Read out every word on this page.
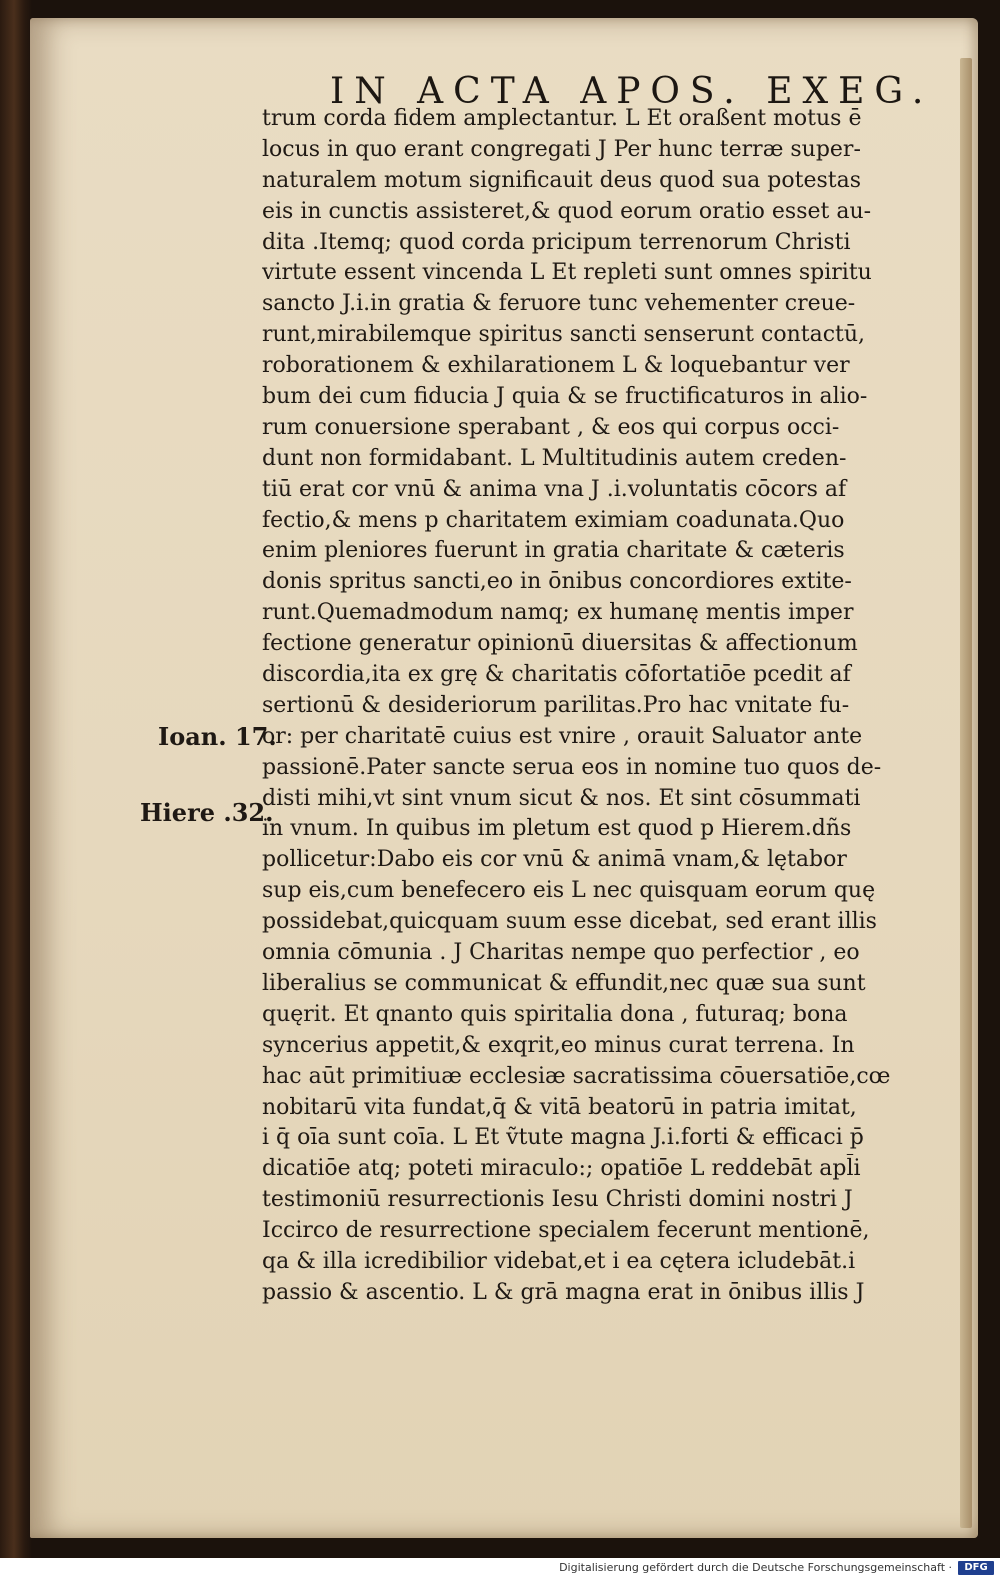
IN ACTA APOS. EXEG.
trum corda fidem amplectantur. L Et oraßent motus ē
locus in quo erant congregati J Per hunc terræ super-
naturalem motum significauit deus quod sua potestas
eis in cunctis assisteret,& quod eorum oratio esset au-
dita .Itemq; quod corda pricipum terrenorum Christi
virtute essent vincenda L Et repleti sunt omnes spiritu
sancto J.i.in gratia & feruore tunc vehementer creue-
runt,mirabilemque spiritus sancti senserunt contactū,
roborationem & exhilarationem L & loquebantur ver
bum dei cum fiducia J quia & se fructificaturos in alio-
rum conuersione sperabant , & eos qui corpus occi-
dunt non formidabant. L Multitudinis autem creden-
tiū erat cor vnū & anima vna J .i.voluntatis cōcors af
fectio,& mens p charitatem eximiam coadunata.Quo
enim pleniores fuerunt in gratia charitate & cæteris
donis spritus sancti,eo in ōnibus concordiores extite-
runt.Quemadmodum namq; ex humanę mentis imper
fectione generatur opinionū diuersitas & affectionum
discordia,ita ex grę & charitatis cōfortatiōe pcedit af
sertionū & desideriorum parilitas.Pro hac vnitate fu-
or: per charitatē cuius est vnire , orauit Saluator ante
passionē.Pater sancte serua eos in nomine tuo quos de-
disti mihi,vt sint vnum sicut & nos. Et sint cōsummati
in vnum. In quibus im pletum est quod p Hierem.dñs
pollicetur:Dabo eis cor vnū & animā vnam,& lętabor
sup eis,cum benefecero eis L nec quisquam eorum quę
possidebat,quicquam suum esse dicebat, sed erant illis
omnia cōmunia . J Charitas nempe quo perfectior , eo
liberalius se communicat & effundit,nec quæ sua sunt
quęrit. Et qnanto quis spiritalia dona , futuraq; bona
syncerius appetit,& exqrit,eo minus curat terrena. In
hac aūt primitiuæ ecclesiæ sacratissima cōuersatiōe,cœ
nobitarū vita fundat,q̄ & vitā beatorū in patria imitat,
i q̄ oīa sunt coīa. L Et ṽtute magna J.i.forti & efficaci p̄
dicatiōe atq; poteti miraculo:; opatiōe L reddebāt apl̄i
testimoniū resurrectionis Iesu Christi domini nostri J
Iccirco de resurrectione specialem fecerunt mentionē,
qa & illa icredibilior videbat,et i ea cętera icludebāt.i
passio & ascentio. L & grā magna erat in ōnibus illis J
Ioan. 17.
Hiere .32.
Digitalisierung gefördert durch die Deutsche Forschungsgemeinschaft ·	DFG
